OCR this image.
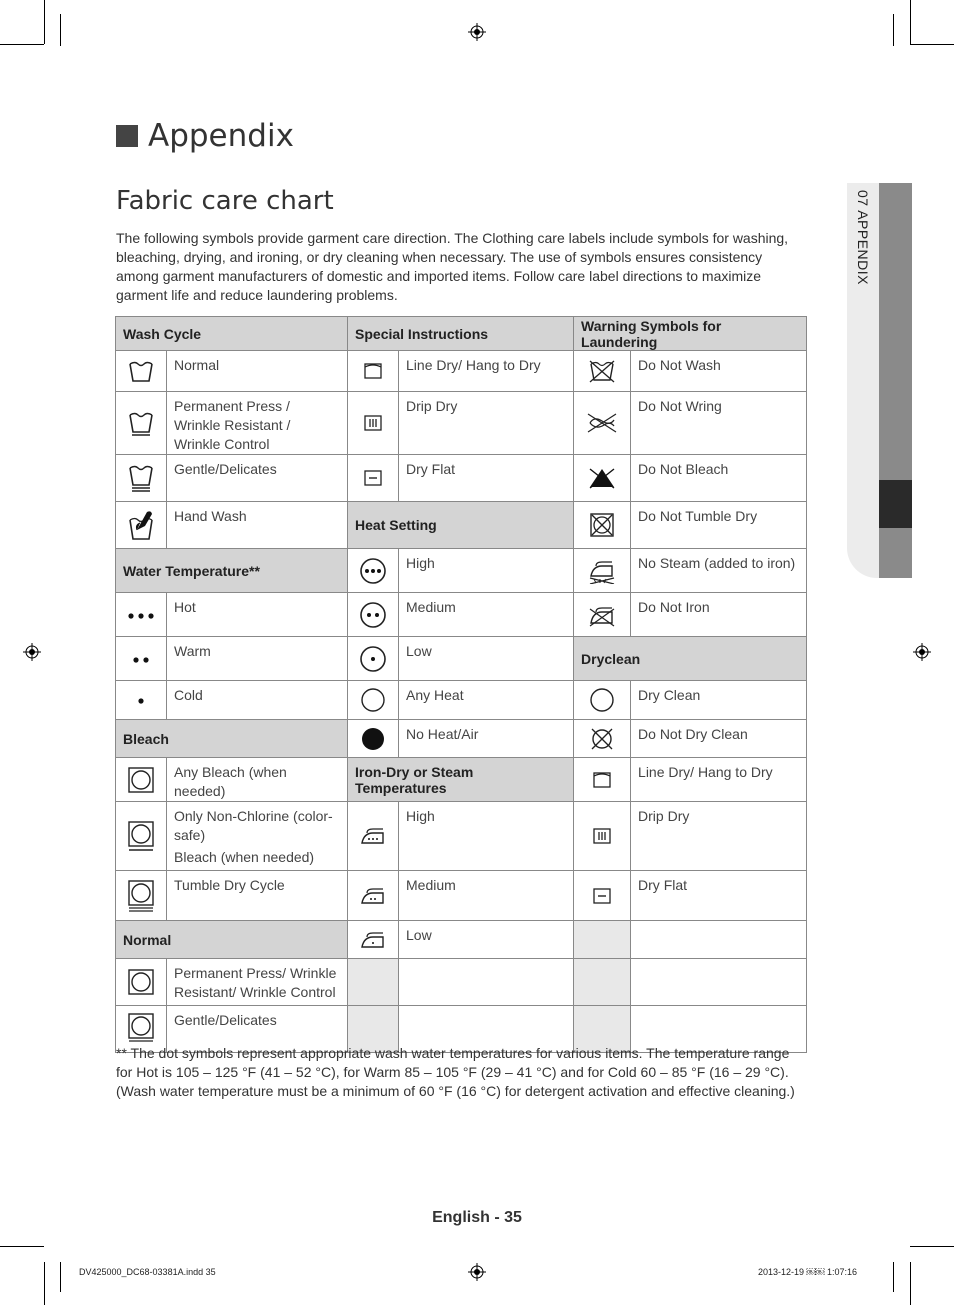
07 APPENDIX
Appendix
Fabric care chart
The following symbols provide garment care direction. The Clothing care labels include symbols for washing, bleaching, drying, and ironing, or dry cleaning when necessary. The use of symbols ensures consistency among garment manufacturers of domestic and imported items. Follow care label directions to maximize garment life and reduce laundering problems.
Wash Cycle		Special Instructions		Warning Symbols for Laundering	
	Normal		Line Dry/ Hang to Dry		Do Not Wash
	Permanent Press / Wrinkle Resistant / Wrinkle Control		Drip Dry		Do Not Wring
	Gentle/Delicates		Dry Flat		Do Not Bleach
	Hand Wash	Heat Setting			Do Not Tumble Dry
Water Temperature**			High		No Steam (added to iron)
	Hot		Medium		Do Not Iron
	Warm		Low	Dryclean	
	Cold		Any Heat		Dry Clean
Bleach			No Heat/Air		Do Not Dry Clean
	Any Bleach (when needed)	Iron-Dry or Steam Temperatures			Line Dry/ Hang to Dry

Only Non-Chlorine (color-safe)
Bleach (when needed)		High		Drip Dry
	Tumble Dry Cycle		Medium		Dry Flat
Normal			Low		
	Permanent Press/ Wrinkle Resistant/ Wrinkle Control				
	Gentle/Delicates				
** The dot symbols represent appropriate wash water temperatures for various items. The temperature range for Hot is 105 – 125 °F (41 – 52 °C), for Warm 85 – 105 °F (29 – 41 °C) and for Cold 60 – 85 °F (16 – 29 °C). (Wash water temperature must be a minimum of 60 °F (16 °C) for detergent activation and effective cleaning.)
English - 35
DV425000_DC68-03381A.indd 35	2013-12-19 ￼￼ 1:07:16
